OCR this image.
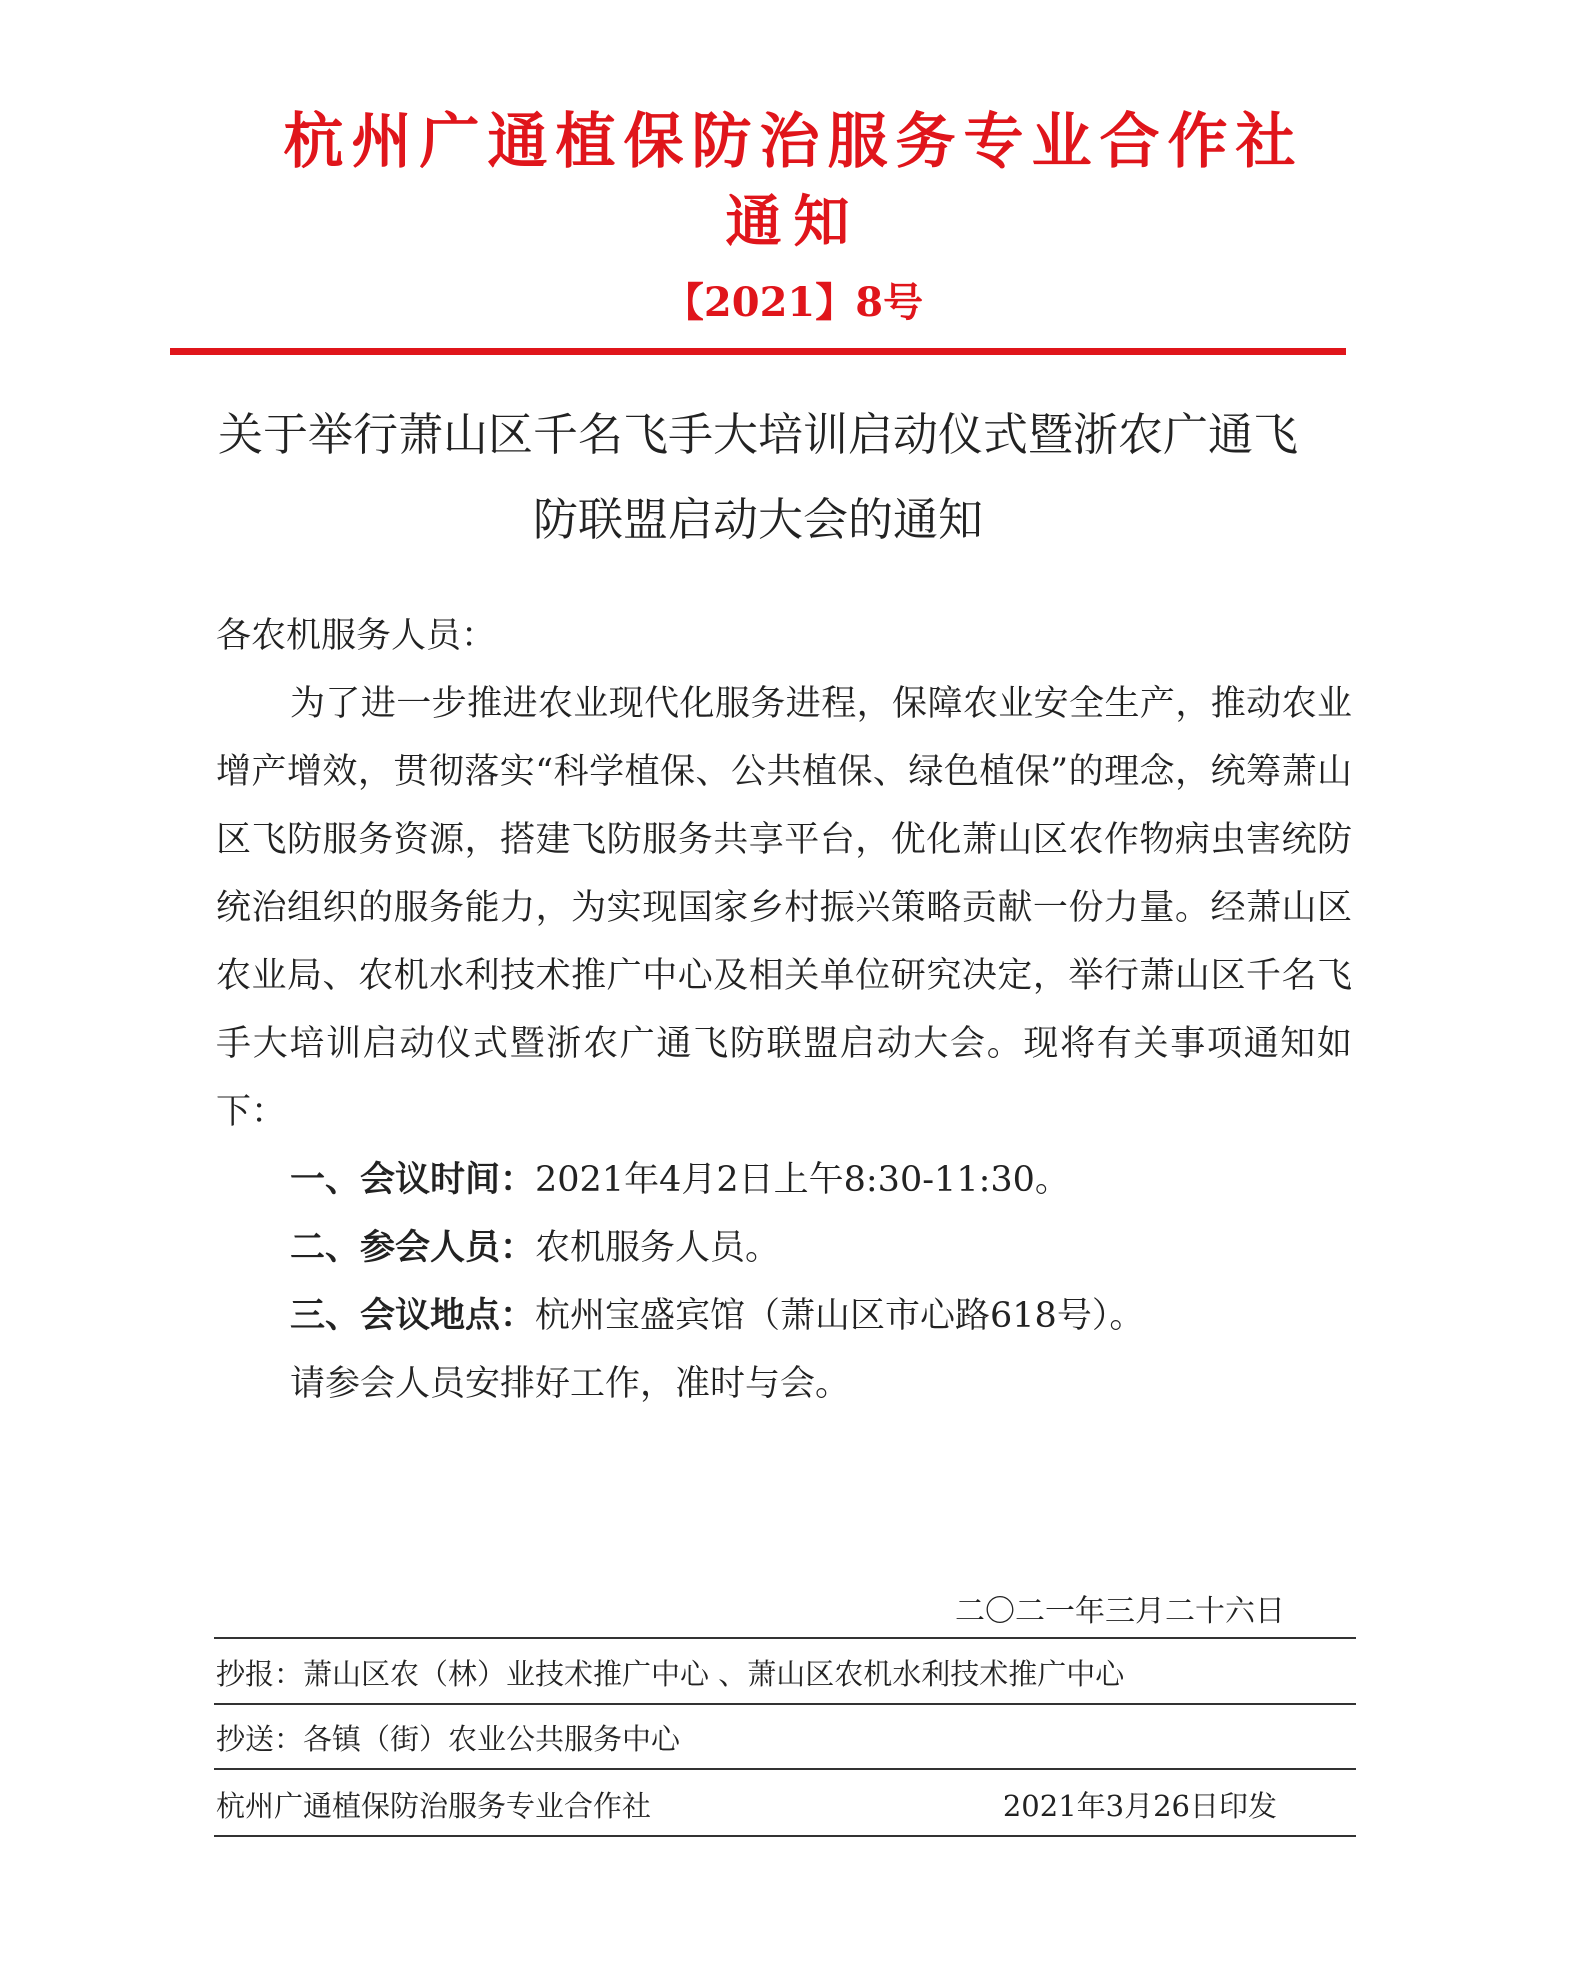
杭州广通植保防治服务专业合作社
通知
【2021】8号
关于举行萧山区千名飞手大培训启动仪式暨浙农广通飞
防联盟启动大会的通知

各农机服务人员：

为了进一步推进农业现代化服务进程，保障农业安全生产，推动农业增产增效，贯彻落实“科学植保、公共植保、绿色植保”的理念，统筹萧山区飞防服务资源，搭建飞防服务共享平台，优化萧山区农作物病虫害统防统治组织的服务能力，为实现国家乡村振兴策略贡献一份力量。经萧山区农业局、农机水利技术推广中心及相关单位研究决定，举行萧山区千名飞手大培训启动仪式暨浙农广通飞防联盟启动大会。现将有关事项通知如下：

一、会议时间：2021年4月2日上午8:30-11:30。

二、参会人员：农机服务人员。

三、会议地点：杭州宝盛宾馆（萧山区市心路618号）。

请参会人员安排好工作，准时与会。

二〇二一年三月二十六日
抄报：萧山区农（林）业技术推广中心 、萧山区农机水利技术推广中心
抄送：各镇（街）农业公共服务中心
杭州广通植保防治服务专业合作社	2021年3月26日印发
